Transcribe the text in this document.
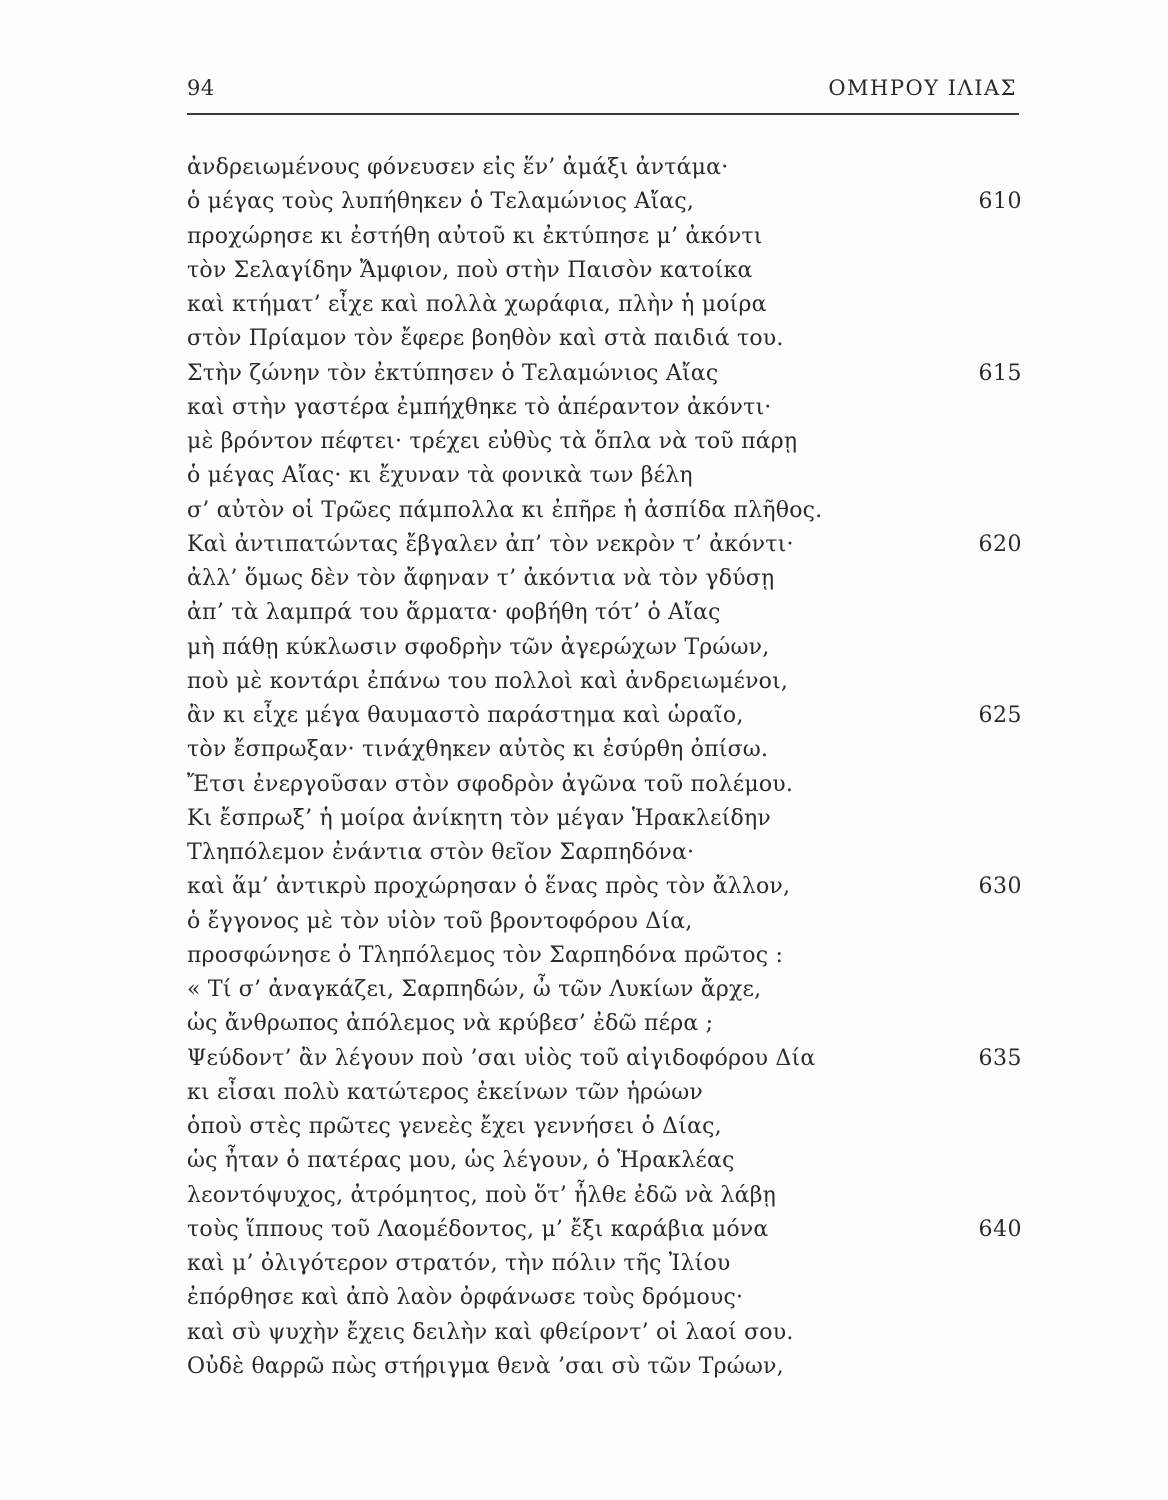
94	ΟΜΗΡΟΥ ΙΛΙΑΣ
ἀνδρειωμένους φόνευσεν εἰς ἕν’ ἀμάξι ἀντάμα·
ὁ μέγας τοὺς λυπήθηκεν ὁ Τελαμώνιος Αἴας,	610
προχώρησε κι ἐστήθη αὐτοῦ κι ἐκτύπησε μ’ ἀκόντι
τὸν Σελαγίδην Ἄμφιον, ποὺ στὴν Παισὸν κατοίκα
καὶ κτήματ’ εἶχε καὶ πολλὰ χωράφια, πλὴν ἡ μοίρα
στὸν Πρίαμον τὸν ἔφερε βοηθὸν καὶ στὰ παιδιά του.
Στὴν ζώνην τὸν ἐκτύπησεν ὁ Τελαμώνιος Αἴας	615
καὶ στὴν γαστέρα ἐμπήχθηκε τὸ ἀπέραντον ἀκόντι·
μὲ βρόντον πέφτει· τρέχει εὐθὺς τὰ ὅπλα νὰ τοῦ πάρῃ
ὁ μέγας Αἴας· κι ἔχυναν τὰ φονικὰ των βέλη
σ’ αὐτὸν οἱ Τρῶες πάμπολλα κι ἐπῆρε ἡ ἀσπίδα πλῆθος.
Καὶ ἀντιπατώντας ἔβγαλεν ἀπ’ τὸν νεκρὸν τ’ ἀκόντι·	620
ἀλλ’ ὅμως δὲν τὸν ἄφηναν τ’ ἀκόντια νὰ τὸν γδύσῃ
ἀπ’ τὰ λαμπρά του ἅρματα· φοβήθη τότ’ ὁ Αἴας
μὴ πάθῃ κύκλωσιν σφοδρὴν τῶν ἀγερώχων Τρώων,
ποὺ μὲ κοντάρι ἐπάνω του πολλοὶ καὶ ἀνδρειωμένοι,
ἂν κι εἶχε μέγα θαυμαστὸ παράστημα καὶ ὡραῖο,	625
τὸν ἔσπρωξαν· τινάχθηκεν αὐτὸς κι ἐσύρθη ὀπίσω.
Ἔτσι ἐνεργοῦσαν στὸν σφοδρὸν ἀγῶνα τοῦ πολέμου.
Κι ἔσπρωξ’ ἡ μοίρα ἀνίκητη τὸν μέγαν Ἡρακλείδην
Τληπόλεμον ἐνάντια στὸν θεῖον Σαρπηδόνα·
καὶ ἅμ’ ἀντικρὺ προχώρησαν ὁ ἕνας πρὸς τὸν ἄλλον,	630
ὁ ἔγγονος μὲ τὸν υἱὸν τοῦ βροντοφόρου Δία,
προσφώνησε ὁ Τληπόλεμος τὸν Σαρπηδόνα πρῶτος :
« Τί σ’ ἀναγκάζει, Σαρπηδών, ὦ τῶν Λυκίων ἄρχε,
ὡς ἄνθρωπος ἀπόλεμος νὰ κρύβεσ’ ἐδῶ πέρα ;
Ψεύδοντ’ ἂν λέγουν ποὺ ’σαι υἱὸς τοῦ αἰγιδοφόρου Δία	635
κι εἶσαι πολὺ κατώτερος ἐκείνων τῶν ἡρώων
ὁποὺ στὲς πρῶτες γενεὲς ἔχει γεννήσει ὁ Δίας,
ὡς ἦταν ὁ πατέρας μου, ὡς λέγουν, ὁ Ἡρακλέας
λεοντόψυχος, ἀτρόμητος, ποὺ ὅτ’ ἦλθε ἐδῶ νὰ λάβῃ
τοὺς ἵππους τοῦ Λαομέδοντος, μ’ ἔξι καράβια μόνα	640
καὶ μ’ ὀλιγότερον στρατόν, τὴν πόλιν τῆς Ἰλίου
ἐπόρθησε καὶ ἀπὸ λαὸν ὀρφάνωσε τοὺς δρόμους·
καὶ σὺ ψυχὴν ἔχεις δειλὴν καὶ φθείροντ’ οἱ λαοί σου.
Οὐδὲ θαρρῶ πὼς στήριγμα θενὰ ’σαι σὺ τῶν Τρώων,
